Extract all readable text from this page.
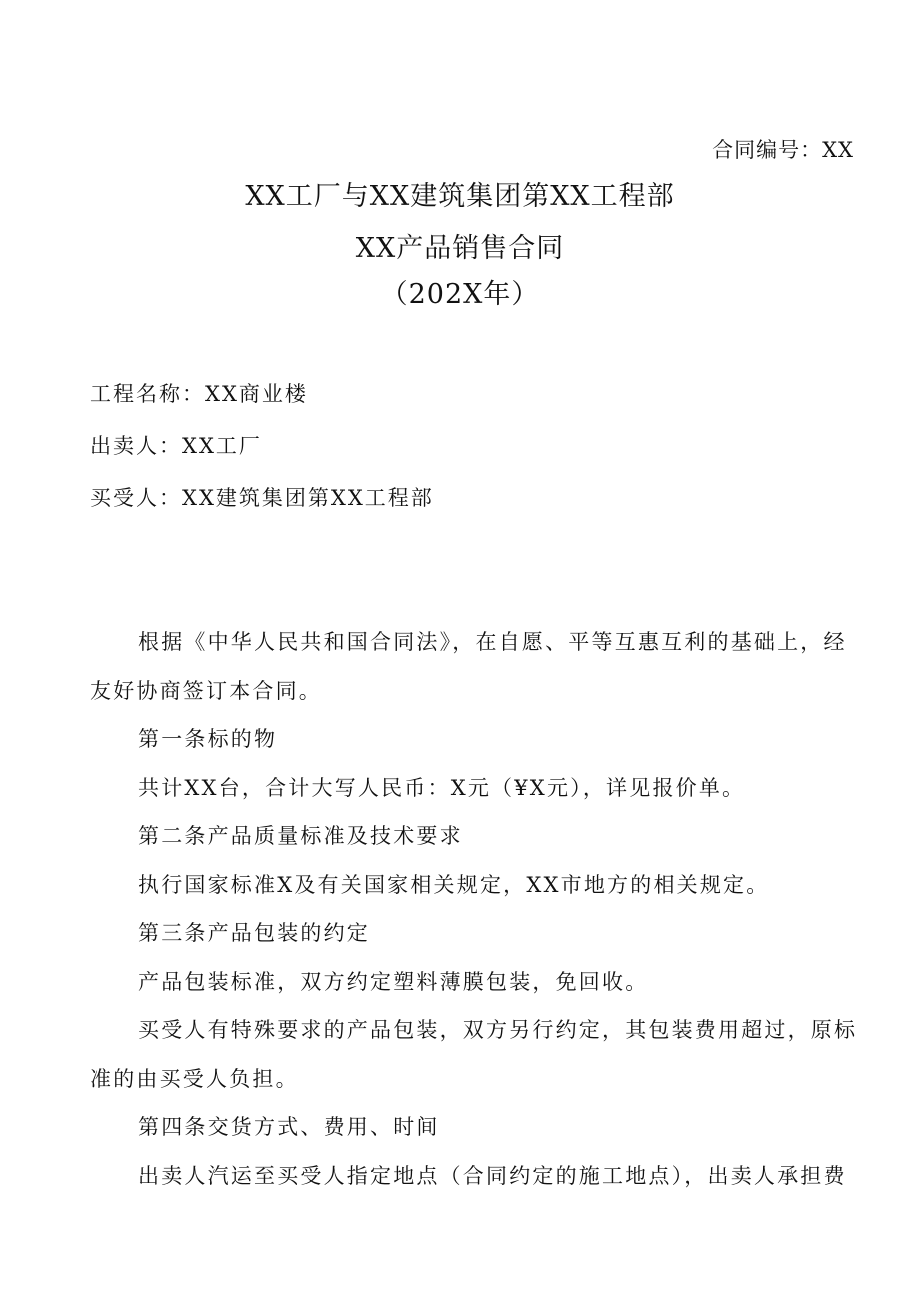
合同编号：XX
XX工厂与XX建筑集团第XX工程部
XX产品销售合同
（202X年）
工程名称：XX商业楼
出卖人：XX工厂
买受人：XX建筑集团第XX工程部

根据《中华人民共和国合同法》，在自愿、平等互惠互利的基础上，经友好协商签订本合同。

第一条标的物

共计XX台，合计大写人民币：X元（¥X元），详见报价单。

第二条产品质量标准及技术要求

执行国家标准X及有关国家相关规定，XX市地方的相关规定。

第三条产品包装的约定

产品包装标准，双方约定塑料薄膜包装，免回收。

买受人有特殊要求的产品包装，双方另行约定，其包装费用超过，原标准的由买受人负担。

第四条交货方式、费用、时间

出卖人汽运至买受人指定地点（合同约定的施工地点），出卖人承担费
